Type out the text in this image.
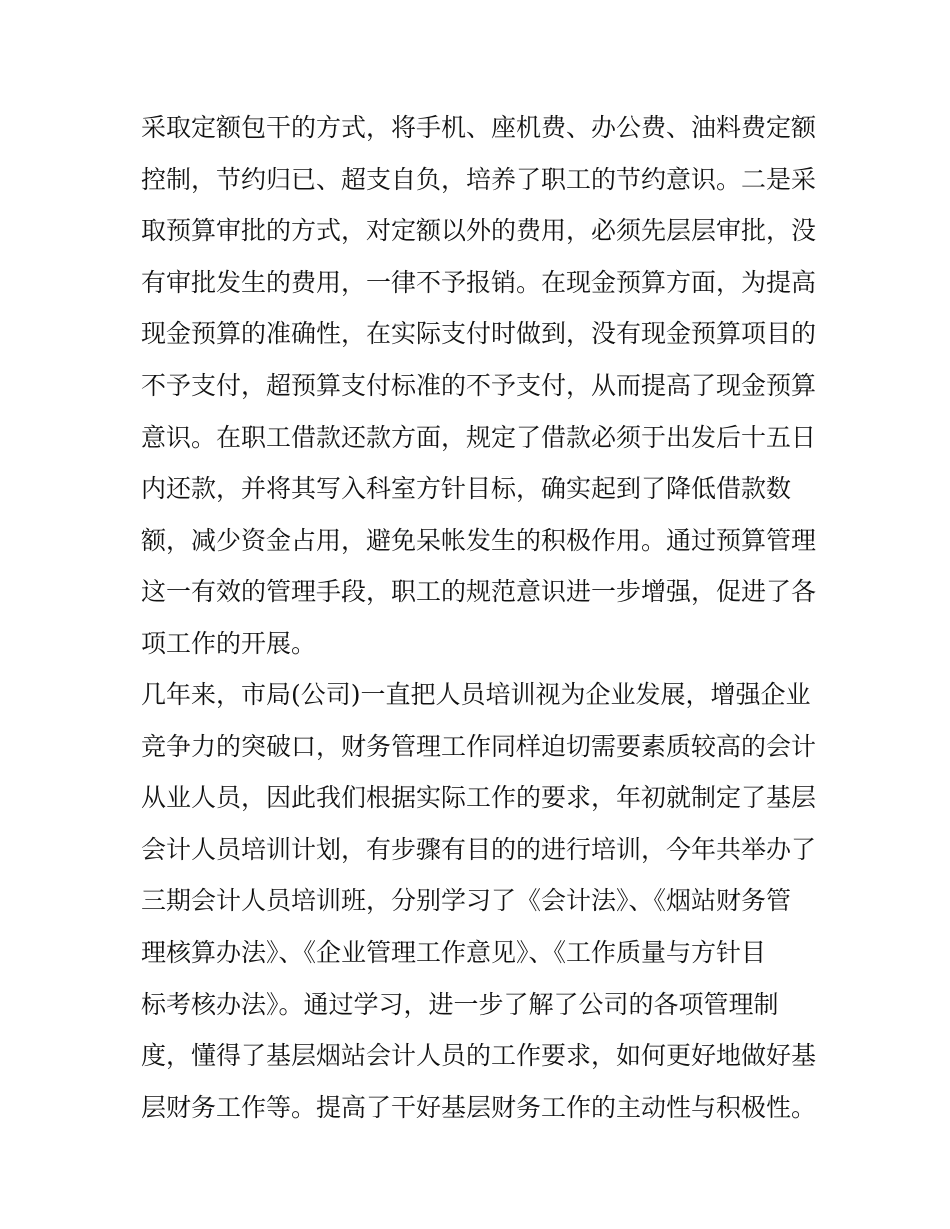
采取定额包干的方式，将手机、座机费、办公费、油料费定额
控制，节约归已、超支自负，培养了职工的节约意识。二是采
取预算审批的方式，对定额以外的费用，必须先层层审批，没
有审批发生的费用，一律不予报销。在现金预算方面，为提高
现金预算的准确性，在实际支付时做到，没有现金预算项目的
不予支付，超预算支付标准的不予支付，从而提高了现金预算
意识。在职工借款还款方面，规定了借款必须于出发后十五日
内还款，并将其写入科室方针目标，确实起到了降低借款数
额，减少资金占用，避免呆帐发生的积极作用。通过预算管理
这一有效的管理手段，职工的规范意识进一步增强，促进了各
项工作的开展。
几年来，市局(公司)一直把人员培训视为企业发展，增强企业
竞争力的突破口，财务管理工作同样迫切需要素质较高的会计
从业人员，因此我们根据实际工作的要求，年初就制定了基层
会计人员培训计划，有步骤有目的的进行培训，今年共举办了
三期会计人员培训班，分别学习了《会计法》、《烟站财务管
理核算办法》、《企业管理工作意见》、《工作质量与方针目
标考核办法》。通过学习，进一步了解了公司的各项管理制
度，懂得了基层烟站会计人员的工作要求，如何更好地做好基
层财务工作等。提高了干好基层财务工作的主动性与积极性。
